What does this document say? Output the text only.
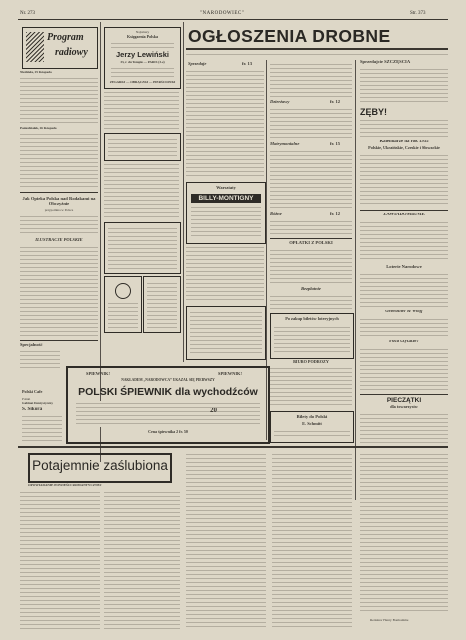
Nr. 273	"NARODOWIEC"	Str. 373
Program
radiowy
Niedziela, 25 listopada
Poniedziałek, 26 listopada
Jak Opieka Polska nad Rodakami na Obczyźnie
przypomina w Polsce
ILUSTRACJE POLSKIE
Specjalność
Polski Cafe
Polski
Gabinet Dentystyczny
S. Sikora
Najtańszy
Księgarnia Polska
Jerzy Lewiński
33, r. du Temple — PARIS (3-e)
ZEGARKI — OBRĄCZKI — PIERŚCIONKI
OGŁOSZENIA DROBNE
Sprzedaje	fr. 13
Warsztaty
BILLY-MONTIGNY
Dzierżawy	fr. 12
Matrymonialne	fr. 15
Różne	fr. 12
OPŁATKI Z POLSKI
Bezpłatnie
Po zakup biletów loteryjnych
BIURO PODRÓŻY
Bilety do Polski
E. Schmitt
Sprzedajcie SZCZĘŚCIA
ZĘBY!
Kalendarze na rok 1935
Polskie, Ukraińskie, Czeskie i Słowackie
ZAWIADOMIENIE
Loterie Narodowe
Gebethner & Wolff
Poco czytacie?
PIECZĄTKI
dla towarzystw
ŚPIEWNIK!	ŚPIEWNIK!
NAKŁADEM „NARODOWCA” UKAZAŁ SIĘ PIERWSZY
POLSKI ŚPIEWNIK dla wychodźców
Cena śpiewnika 2 fr. 50
20
Potajemnie zaślubiona
OPOWIADANIE POWIEŚCI ROMANTYCZNEJ
Redaktor Henry Bonhomme
